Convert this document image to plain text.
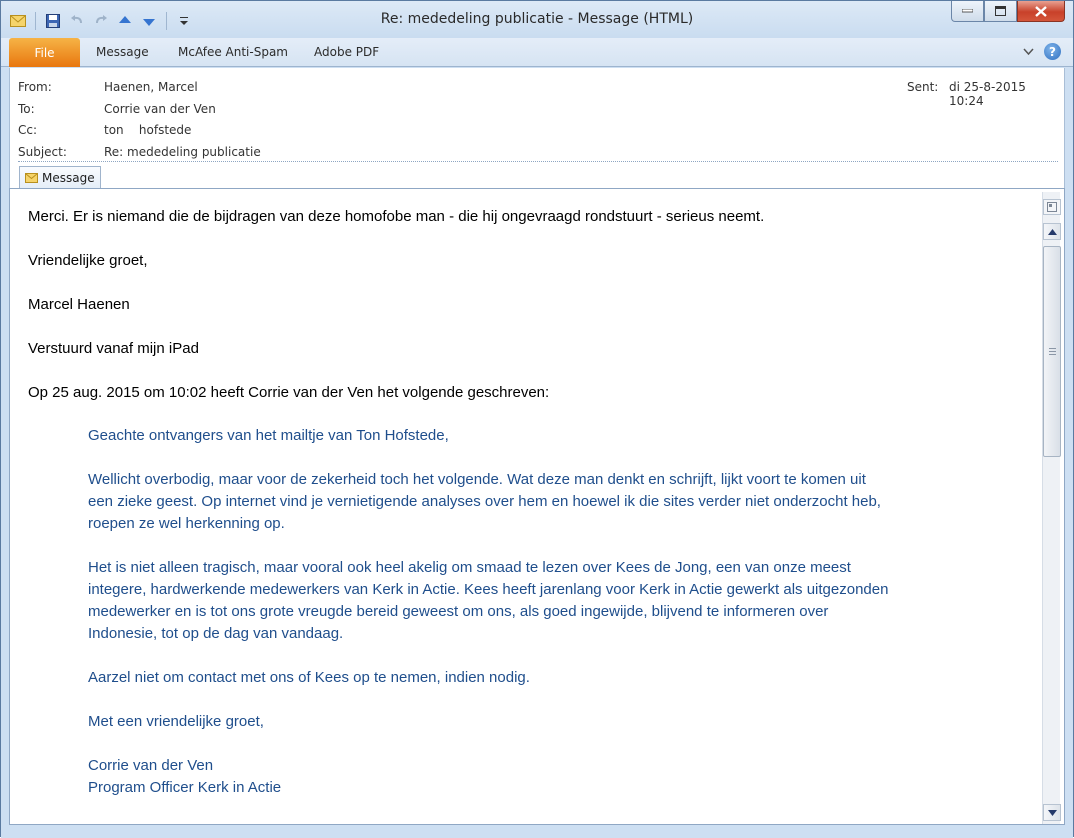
Re: mededeling publicatie - Message (HTML)
File	Message McAfee Anti-Spam Adobe PDF	?
From:	Haenen, Marcel
To:	Corrie van der Ven
Cc:	ton    hofstede
Subject:	Re: mededeling publicatie
Sent: di 25-8-2015 10:24
Message
Merci. Er is niemand die de bijdragen van deze homofobe man - die hij ongevraagd rondstuurt - serieus neemt.
Vriendelijke groet,
Marcel Haenen
Verstuurd vanaf mijn iPad
Op 25 aug. 2015 om 10:02 heeft Corrie van der Ven het volgende geschreven:
Geachte ontvangers van het mailtje van Ton Hofstede,
Wellicht overbodig, maar voor de zekerheid toch het volgende. Wat deze man denkt en schrijft, lijkt voort te komen uit
een zieke geest. Op internet vind je vernietigende analyses over hem en hoewel ik die sites verder niet onderzocht heb,
roepen ze wel herkenning op.
Het is niet alleen tragisch, maar vooral ook heel akelig om smaad te lezen over Kees de Jong, een van onze meest
integere, hardwerkende medewerkers van Kerk in Actie. Kees heeft jarenlang voor Kerk in Actie gewerkt als uitgezonden
medewerker en is tot ons grote vreugde bereid geweest om ons, als goed ingewijde, blijvend te informeren over
Indonesie, tot op de dag van vandaag.
Aarzel niet om contact met ons of Kees op te nemen, indien nodig.
Met een vriendelijke groet,
Corrie van der Ven
Program Officer Kerk in Actie
